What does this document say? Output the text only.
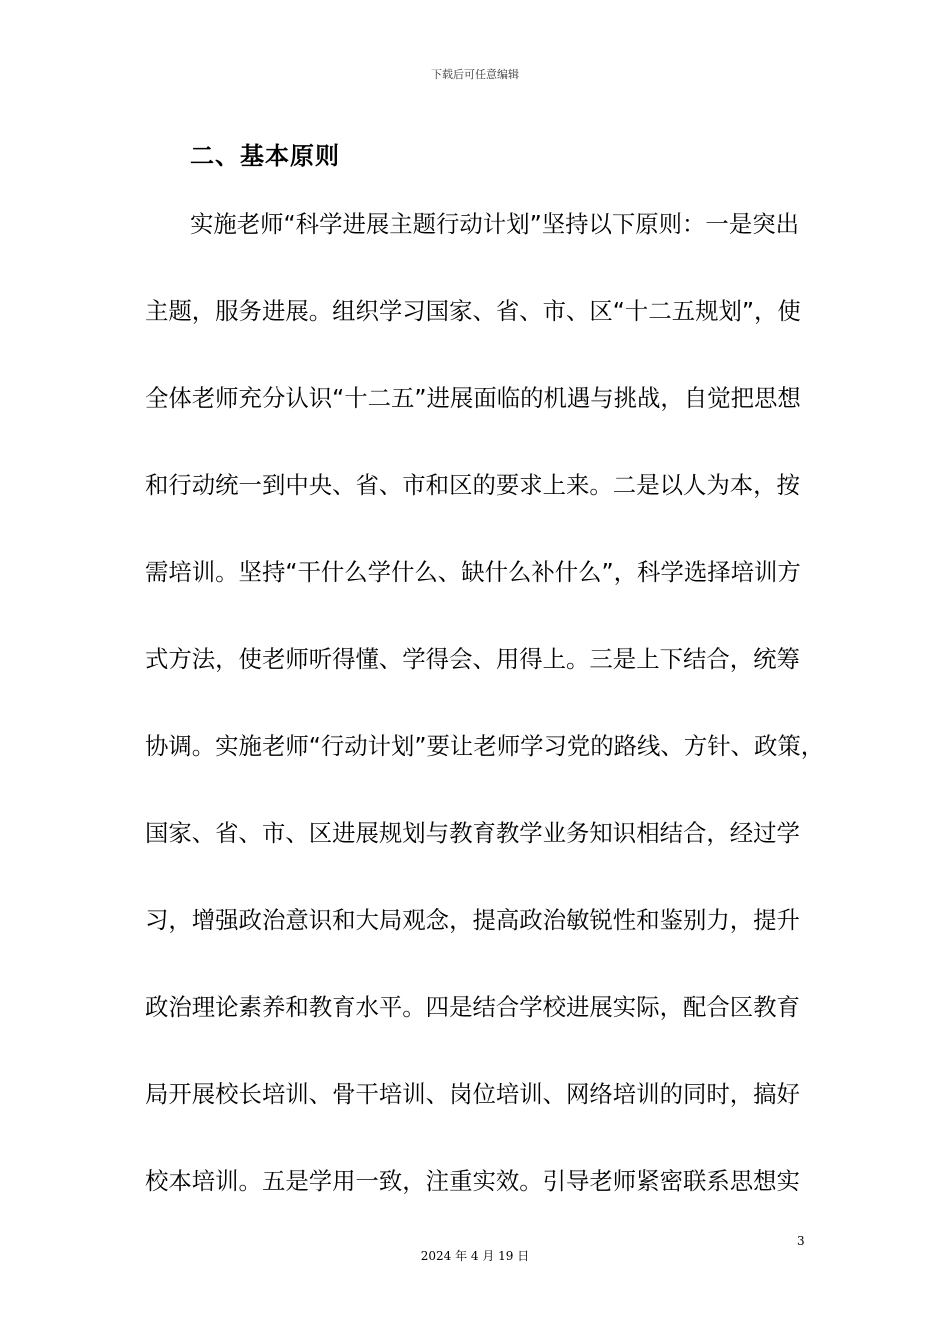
下载后可任意编辑
二、基本原则
实施老师“科学进展主题行动计划”坚持以下原则：一是突出
主题，服务进展。组织学习国家、省、市、区“十二五规划”，使
全体老师充分认识“十二五”进展面临的机遇与挑战，自觉把思想
和行动统一到中央、省、市和区的要求上来。二是以人为本，按
需培训。坚持“干什么学什么、缺什么补什么”，科学选择培训方
式方法，使老师听得懂、学得会、用得上。三是上下结合，统筹
协调。实施老师“行动计划”要让老师学习党的路线、方针、政策，
国家、省、市、区进展规划与教育教学业务知识相结合，经过学
习，增强政治意识和大局观念，提高政治敏锐性和鉴别力，提升
政治理论素养和教育水平。四是结合学校进展实际，配合区教育
局开展校长培训、骨干培训、岗位培训、网络培训的同时，搞好
校本培训。五是学用一致，注重实效。引导老师紧密联系思想实
3
2024 年 4 月 19 日
